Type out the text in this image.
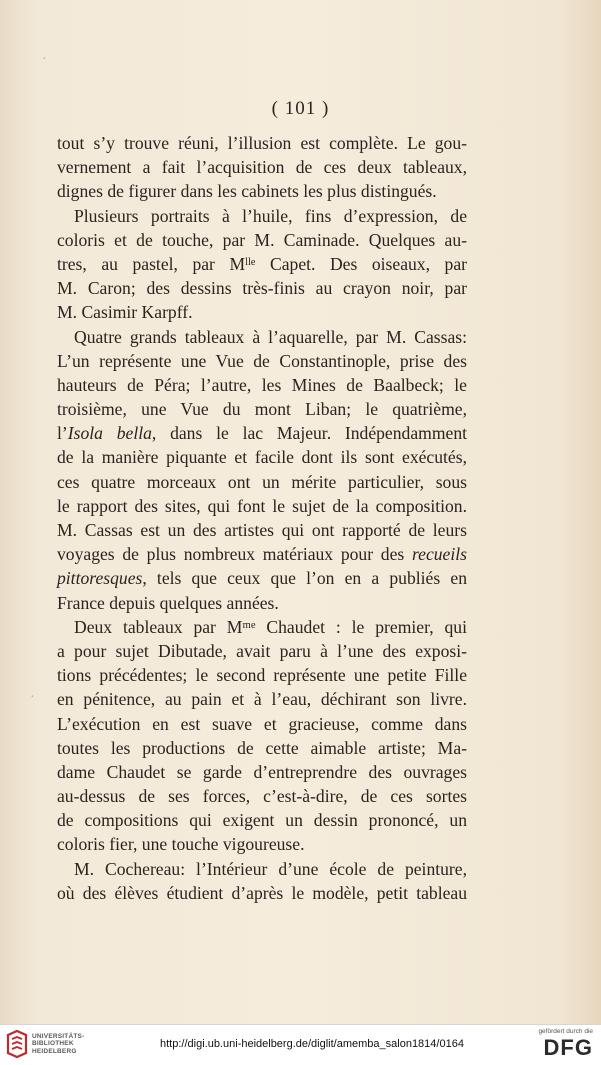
·
·
( 101 )
tout s’y trouve réuni, l’illusion est complète. Le gou-
vernement a fait l’acquisition de ces deux tableaux,
dignes de figurer dans les cabinets les plus distingués.
Plusieurs portraits à l’huile, fins d’expression, de
coloris et de touche, par M. Caminade. Quelques au-
tres, au pastel, par Mˡˡᵉ Capet. Des oiseaux, par
M. Caron; des dessins très-finis au crayon noir, par
M. Casimir Karpff.
Quatre grands tableaux à l’aquarelle, par M. Cassas:
L’un représente une Vue de Constantinople, prise des
hauteurs de Péra; l’autre, les Mines de Baalbeck; le
troisième, une Vue du mont Liban; le quatrième,
l’Isola bella, dans le lac Majeur. Indépendamment
de la manière piquante et facile dont ils sont exécutés,
ces quatre morceaux ont un mérite particulier, sous
le rapport des sites, qui font le sujet de la composition.
M. Cassas est un des artistes qui ont rapporté de leurs
voyages de plus nombreux matériaux pour des recueils
pittoresques, tels que ceux que l’on en a publiés en
France depuis quelques années.
Deux tableaux par Mᵐᵉ Chaudet : le premier, qui
a pour sujet Dibutade, avait paru à l’une des exposi-
tions précédentes; le second représente une petite Fille
en pénitence, au pain et à l’eau, déchirant son livre.
L’exécution en est suave et gracieuse, comme dans
toutes les productions de cette aimable artiste; Ma-
dame Chaudet se garde d’entreprendre des ouvrages
au-dessus de ses forces, c’est-à-dire, de ces sortes
de compositions qui exigent un dessin prononcé, un
coloris fier, une touche vigoureuse.
M. Cochereau: l’Intérieur d’une école de peinture,
où des élèves étudient d’après le modèle, petit tableau
UNIVERSITÄTS-
BIBLIOTHEK
HEIDELBERG
http://digi.ub.uni-heidelberg.de/diglit/amemba_salon1814/0164
gefördert durch die
DFG
